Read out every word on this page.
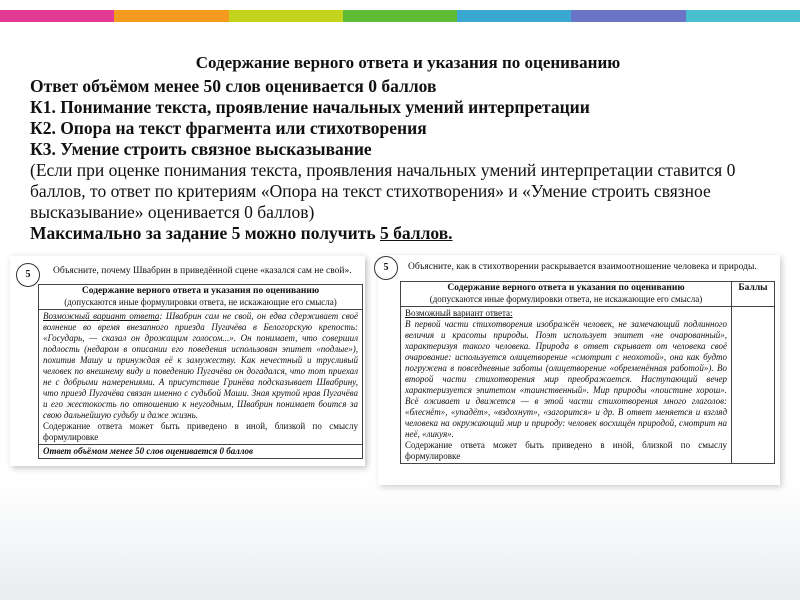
Содержание верного ответа и указания по оцениванию

Ответ объёмом менее 50 слов оценивается 0 баллов

К1. Понимание текста, проявление начальных умений интерпретации

К2. Опора на текст фрагмента или стихотворения

К3. Умение строить связное высказывание

(Если при оценке понимания текста, проявления начальных умений интерпретации ставится 0 баллов, то ответ по критериям «Опора на текст стихотворения» и «Умение строить связное высказывание» оценивается 0 баллов)

Максимально за задание 5 можно получить 5 баллов.

5	Объясните, почему Швабрин в приведённой сцене «казался сам не свой».
Содержание верного ответа и указания по оцениванию
(допускаются иные формулировки ответа, не искажающие его смысла)

Возможный вариант ответа: Швабрин сам не свой, он едва сдерживает своё волнение во время внезапного приезда Пугачёва в Белогорскую крепость: «Государь, — сказал он дрожащим голосом...». Он понимает, что совершил подлость (недаром в описании его поведения использован эпитет «подлые»), похитив Машу и принуждая её к замужеству. Как нечестный и трусливый человек по внешнему виду и поведению Пугачёва он догадался, что тот приехал не с добрыми намерениями. А присутствие Гринёва подсказывает Швабрину, что приезд Пугачёва связан именно с судьбой Маши. Зная крутой нрав Пугачёва и его жестокость по отношению к неугодным, Швабрин понимает боится за свою дальнейшую судьбу и даже жизнь.
Содержание ответа может быть приведено в иной, близкой по смыслу формулировке

Ответ объёмом менее 50 слов оценивается 0 баллов
5	Объясните, как в стихотворении раскрывается взаимоотношение человека и природы.
Содержание верного ответа и указания по оцениванию
(допускаются иные формулировки ответа, не искажающие его смысла)	Баллы

Возможный вариант ответа:
В первой части стихотворения изображён человек, не замечающий подлинного величия и красоты природы. Поэт использует эпитет «не очарованный», характеризуя такого человека. Природа в ответ скрывает от человека своё очарование: используется олицетворение «смотрит с неохотой», она как будто погружена в повседневные заботы (олицетворение «обременённая работой»). Во второй части стихотворения мир преображается. Наступающий вечер характеризуется эпитетом «таинственный». Мир природы «поистине хорош». Всё оживает и движется — в этой части стихотворения много глаголов: «блеснёт», «упадёт», «вздохнут», «загорится» и др. В ответ меняется и взгляд человека на окружающий мир и природу: человек восхищён природой, смотрит на неё, «ликуя».
Содержание ответа может быть приведено в иной, близкой по смыслу формулировке	
